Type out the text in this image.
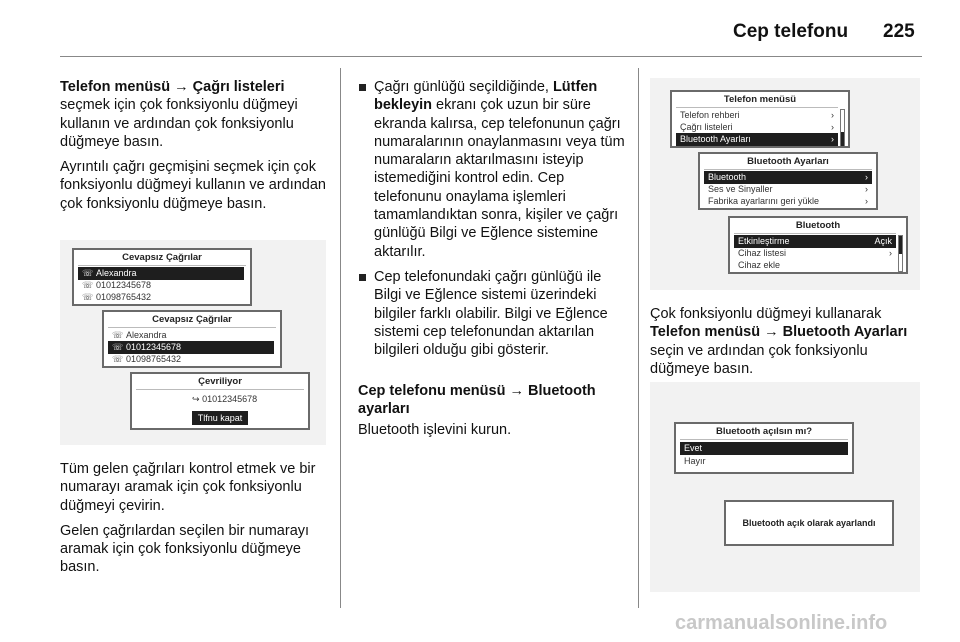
Cep telefonu 225

Telefon menüsü → Çağrı listeleri seçmek için çok fonksiyonlu düğmeyi kullanın ve ardından çok fonksiyonlu düğmeye basın.

Ayrıntılı çağrı geçmişini seçmek için çok fonksiyonlu düğmeyi kullanın ve ardından çok fonksiyonlu düğmeye basın.

Cevapsız Çağrılar
☏ Alexandra
☏ 01012345678
☏ 01098765432
Cevapsız Çağrılar
☏ Alexandra
☏ 01012345678
☏ 01098765432
Çevriliyor
↪ 01012345678
Tlfnu kapat

Tüm gelen çağrıları kontrol etmek ve bir numarayı aramak için çok fonksiyonlu düğmeyi çevirin.

Gelen çağrılardan seçilen bir numarayı aramak için çok fonksiyonlu düğmeye basın.

Çağrı günlüğü seçildiğinde, Lütfen bekleyin ekranı çok uzun bir süre ekranda kalırsa, cep telefonunun çağrı numaralarının onaylanmasını veya tüm numaraların aktarılmasını isteyip istemediğini kontrol edin. Cep telefonunu onaylama işlemleri tamamlandıktan sonra, kişiler ve çağrı günlüğü Bilgi ve Eğlence sistemine aktarılır.
Cep telefonundaki çağrı günlüğü ile Bilgi ve Eğlence sistemi üzerindeki bilgiler farklı olabilir. Bilgi ve Eğlence sistemi cep telefonundan aktarılan bilgileri olduğu gibi gösterir.
Cep telefonu menüsü → Bluetooth ayarları
Bluetooth işlevini kurun.
Telefon menüsü
Telefon rehberi	›
Çağrı listeleri	›
Bluetooth Ayarları	›
Bluetooth Ayarları
Bluetooth	›
Ses ve Sinyaller	›
Fabrika ayarlarını geri yükle	›
Bluetooth
Etkinleştirme	Açık
Cihaz listesi	›
Cihaz ekle
Çok fonksiyonlu düğmeyi kullanarak Telefon menüsü → Bluetooth Ayarları seçin ve ardından çok fonksiyonlu düğmeye basın.
Bluetooth açılsın mı?
Evet
Hayır
Bluetooth açık olarak ayarlandı
carmanualsonline.info
